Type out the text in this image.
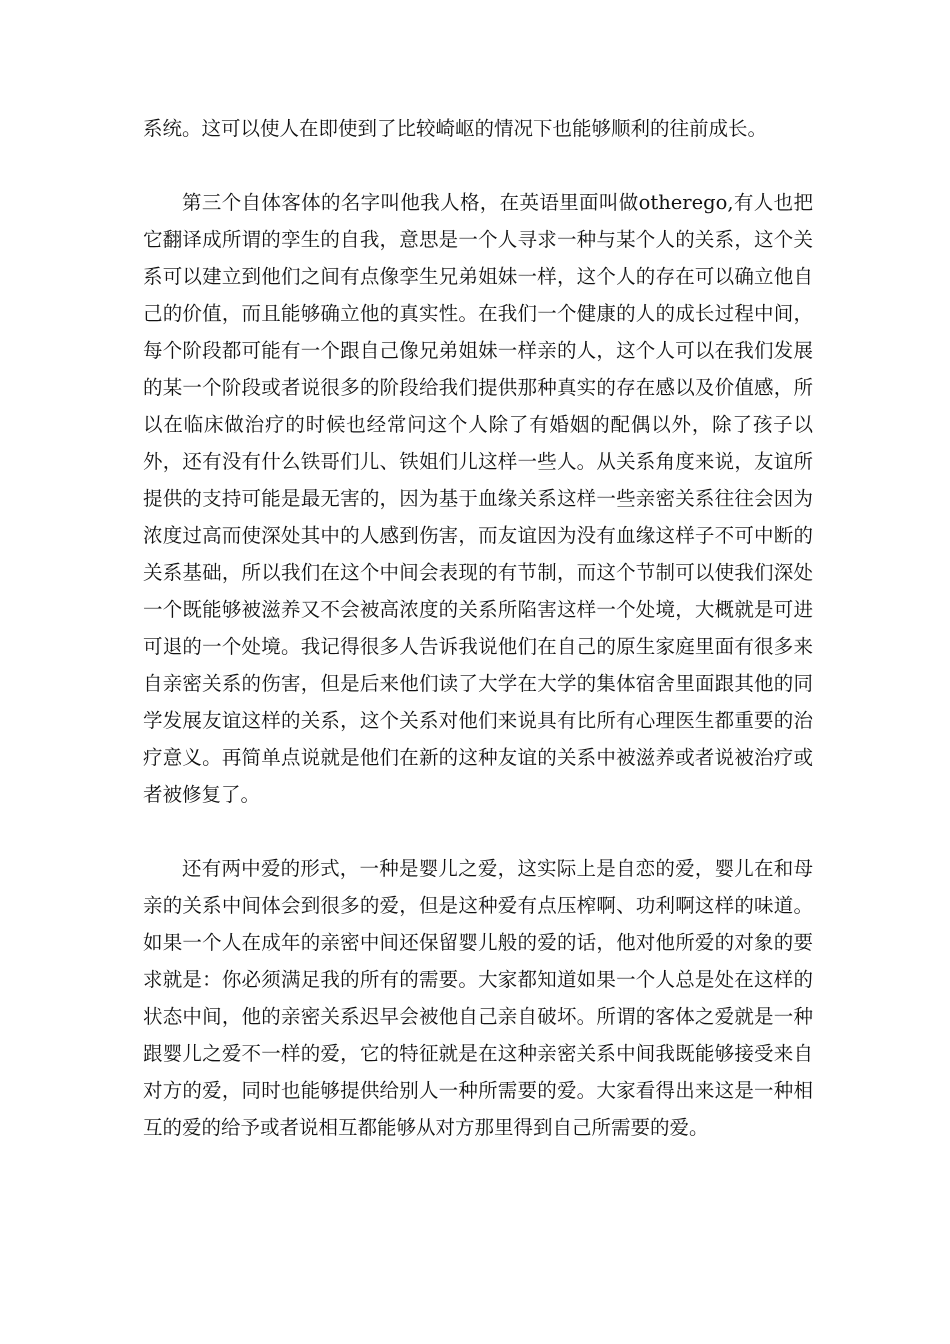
系统。这可以使人在即使到了比较崎岖的情况下也能够顺利的往前成长。

第三个自体客体的名字叫他我人格，在英语里面叫做otherego,有人也把它翻译成所谓的孪生的自我，意思是一个人寻求一种与某个人的关系，这个关系可以建立到他们之间有点像孪生兄弟姐妹一样，这个人的存在可以确立他自己的价值，而且能够确立他的真实性。在我们一个健康的人的成长过程中间，每个阶段都可能有一个跟自己像兄弟姐妹一样亲的人，这个人可以在我们发展的某一个阶段或者说很多的阶段给我们提供那种真实的存在感以及价值感，所以在临床做治疗的时候也经常问这个人除了有婚姻的配偶以外，除了孩子以外，还有没有什么铁哥们儿、铁姐们儿这样一些人。从关系角度来说，友谊所提供的支持可能是最无害的，因为基于血缘关系这样一些亲密关系往往会因为浓度过高而使深处其中的人感到伤害，而友谊因为没有血缘这样子不可中断的关系基础，所以我们在这个中间会表现的有节制，而这个节制可以使我们深处一个既能够被滋养又不会被高浓度的关系所陷害这样一个处境，大概就是可进可退的一个处境。我记得很多人告诉我说他们在自己的原生家庭里面有很多来自亲密关系的伤害，但是后来他们读了大学在大学的集体宿舍里面跟其他的同学发展友谊这样的关系，这个关系对他们来说具有比所有心理医生都重要的治疗意义。再简单点说就是他们在新的这种友谊的关系中被滋养或者说被治疗或者被修复了。

还有两中爱的形式，一种是婴儿之爱，这实际上是自恋的爱，婴儿在和母亲的关系中间体会到很多的爱，但是这种爱有点压榨啊、功利啊这样的味道。如果一个人在成年的亲密中间还保留婴儿般的爱的话，他对他所爱的对象的要求就是：你必须满足我的所有的需要。大家都知道如果一个人总是处在这样的状态中间，他的亲密关系迟早会被他自己亲自破坏。所谓的客体之爱就是一种跟婴儿之爱不一样的爱，它的特征就是在这种亲密关系中间我既能够接受来自对方的爱，同时也能够提供给别人一种所需要的爱。大家看得出来这是一种相互的爱的给予或者说相互都能够从对方那里得到自己所需要的爱。
